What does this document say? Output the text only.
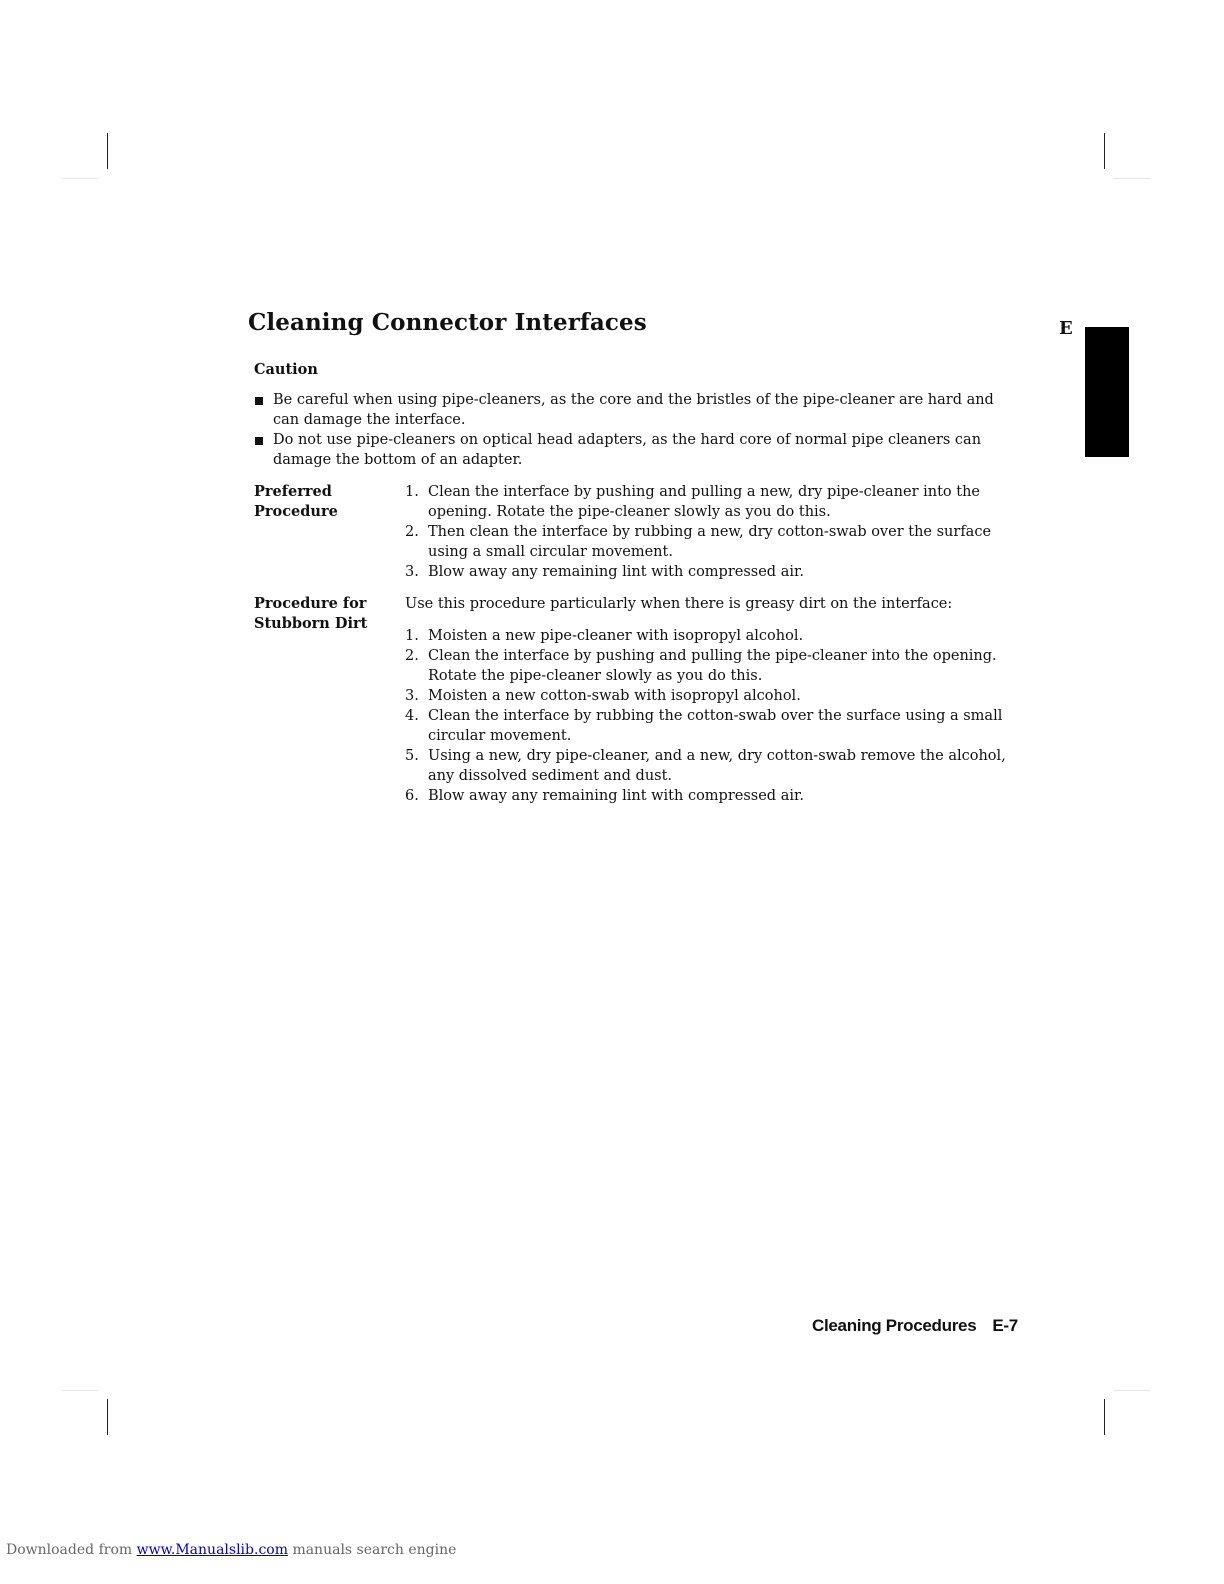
Cleaning Connector Interfaces	E
Caution
Be careful when using pipe-cleaners, as the core and the bristles of the pipe-cleaner are hard and can damage the interface.
Do not use pipe-cleaners on optical head adapters, as the hard core of normal pipe cleaners can damage the bottom of an adapter.
Preferred
Procedure
1. Clean the interface by pushing and pulling a new, dry pipe-cleaner into the opening. Rotate the pipe-cleaner slowly as you do this.
2. Then clean the interface by rubbing a new, dry cotton-swab over the surface using a small circular movement.
3. Blow away any remaining lint with compressed air.
Procedure for
Stubborn Dirt
Use this procedure particularly when there is greasy dirt on the interface:
1. Moisten a new pipe-cleaner with isopropyl alcohol.
2. Clean the interface by pushing and pulling the pipe-cleaner into the opening. Rotate the pipe-cleaner slowly as you do this.
3. Moisten a new cotton-swab with isopropyl alcohol.
4. Clean the interface by rubbing the cotton-swab over the surface using a small circular movement.
5. Using a new, dry pipe-cleaner, and a new, dry cotton-swab remove the alcohol, any dissolved sediment and dust.
6. Blow away any remaining lint with compressed air.
Cleaning Procedures E-7
Downloaded from www.Manualslib.com manuals search engine
